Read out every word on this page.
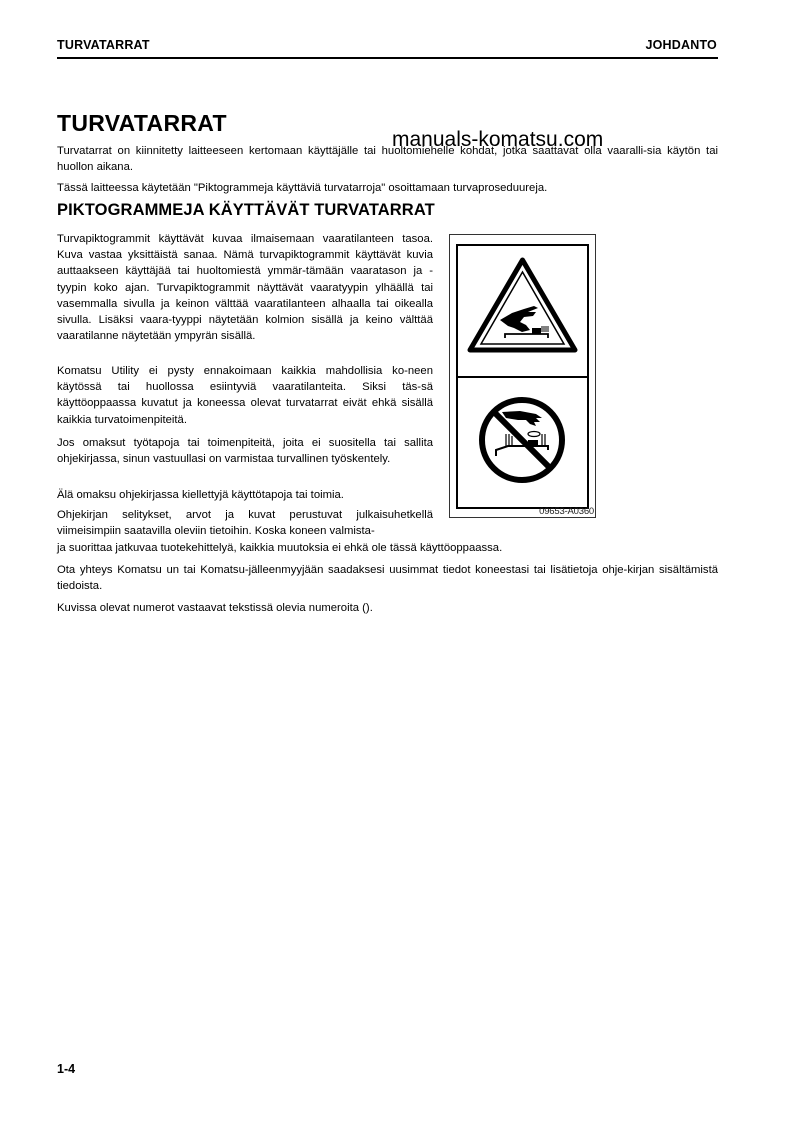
TURVATARRAT	JOHDANTO
TURVATARRAT
manuals-komatsu.com
Turvatarrat on kiinnitetty laitteeseen kertomaan käyttäjälle tai huoltomiehelle kohdat, jotka saattavat olla vaaralli-sia käytön tai huollon aikana.
Tässä laitteessa käytetään "Piktogrammeja käyttäviä turvatarroja" osoittamaan turvaproseduureja.
PIKTOGRAMMEJA KÄYTTÄVÄT TURVATARRAT
Turvapiktogrammit käyttävät kuvaa ilmaisemaan vaaratilanteen tasoa. Kuva vastaa yksittäistä sanaa. Nämä turvapiktogrammit käyttävät kuvia auttaakseen käyttäjää tai huoltomiestä ymmär-tämään vaaratason ja -tyypin koko ajan. Turvapiktogrammit näyttävät vaaratyypin ylhäällä tai vasemmalla sivulla ja keinon välttää vaaratilanteen alhaalla tai oikealla sivulla. Lisäksi vaara-tyyppi näytetään kolmion sisällä ja keino välttää vaaratilanne näytetään ympyrän sisällä.
Komatsu Utility ei pysty ennakoimaan kaikkia mahdollisia ko-neen käytössä tai huollossa esiintyviä vaaratilanteita. Siksi täs-sä käyttöoppaassa kuvatut ja koneessa olevat turvatarrat eivät ehkä sisällä kaikkia turvatoimenpiteitä.
Jos omaksut työtapoja tai toimenpiteitä, joita ei suositella tai sallita ohjekirjassa, sinun vastuullasi on varmistaa turvallinen työskentely.
Älä omaksu ohjekirjassa kiellettyjä käyttötapoja tai toimia.
Ohjekirjan selitykset, arvot ja kuvat perustuvat julkaisuhetkellä viimeisimpiin saatavilla oleviin tietoihin. Koska koneen valmista-
ja suorittaa jatkuvaa tuotekehittelyä, kaikkia muutoksia ei ehkä ole tässä käyttöoppaassa.
Ota yhteys Komatsu un tai Komatsu-jälleenmyyjään saadaksesi uusimmat tiedot koneestasi tai lisätietoja ohje-kirjan sisältämistä tiedoista.
Kuvissa olevat numerot vastaavat tekstissä olevia numeroita ().
09653-A0360
1-4
